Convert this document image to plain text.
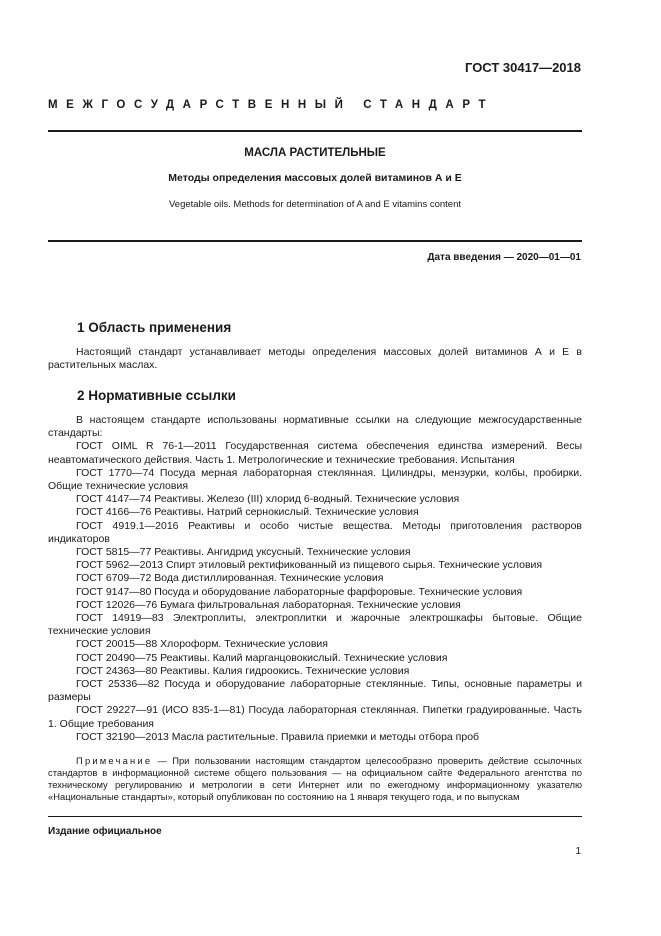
ГОСТ 30417—2018
МЕЖГОСУДАРСТВЕННЫЙ СТАНДАРТ
МАСЛА РАСТИТЕЛЬНЫЕ
Методы определения массовых долей витаминов А и Е
Vegetable oils. Methods for determination of A and E vitamins content
Дата введения — 2020—01—01
1 Область применения

Настоящий стандарт устанавливает методы определения массовых долей витаминов А и Е в растительных маслах.

2 Нормативные ссылки

В настоящем стандарте использованы нормативные ссылки на следующие межгосударственные стандарты:

ГОСТ OIML R 76-1—2011 Государственная система обеспечения единства измерений. Весы неавтоматического действия. Часть 1. Метрологические и технические требования. Испытания

ГОСТ 1770—74 Посуда мерная лабораторная стеклянная. Цилиндры, мензурки, колбы, пробирки. Общие технические условия

ГОСТ 4147—74 Реактивы. Железо (III) хлорид 6-водный. Технические условия

ГОСТ 4166—76 Реактивы. Натрий сернокислый. Технические условия

ГОСТ 4919.1—2016 Реактивы и особо чистые вещества. Методы приготовления растворов индикаторов

ГОСТ 5815—77 Реактивы. Ангидрид уксусный. Технические условия

ГОСТ 5962—2013 Спирт этиловый ректификованный из пищевого сырья. Технические условия

ГОСТ 6709—72 Вода дистиллированная. Технические условия

ГОСТ 9147—80 Посуда и оборудование лабораторные фарфоровые. Технические условия

ГОСТ 12026—76 Бумага фильтровальная лабораторная. Технические условия

ГОСТ 14919—83 Электроплиты, электроплитки и жарочные электрошкафы бытовые. Общие технические условия

ГОСТ 20015—88 Хлороформ. Технические условия

ГОСТ 20490—75 Реактивы. Калий марганцовокислый. Технические условия

ГОСТ 24363—80 Реактивы. Калия гидроокись. Технические условия

ГОСТ 25336—82 Посуда и оборудование лабораторные стеклянные. Типы, основные параметры и размеры

ГОСТ 29227—91 (ИСО 835-1—81) Посуда лабораторная стеклянная. Пипетки градуированные. Часть 1. Общие требования

ГОСТ 32190—2013 Масла растительные. Правила приемки и методы отбора проб

Примечание — При пользовании настоящим стандартом целесообразно проверить действие ссылочных стандартов в информационной системе общего пользования — на официальном сайте Федерального агентства по техническому регулированию и метрологии в сети Интернет или по ежегодному информационному указателю «Национальные стандарты», который опубликован по состоянию на 1 января текущего года, и по выпускам
Издание официальное
1
